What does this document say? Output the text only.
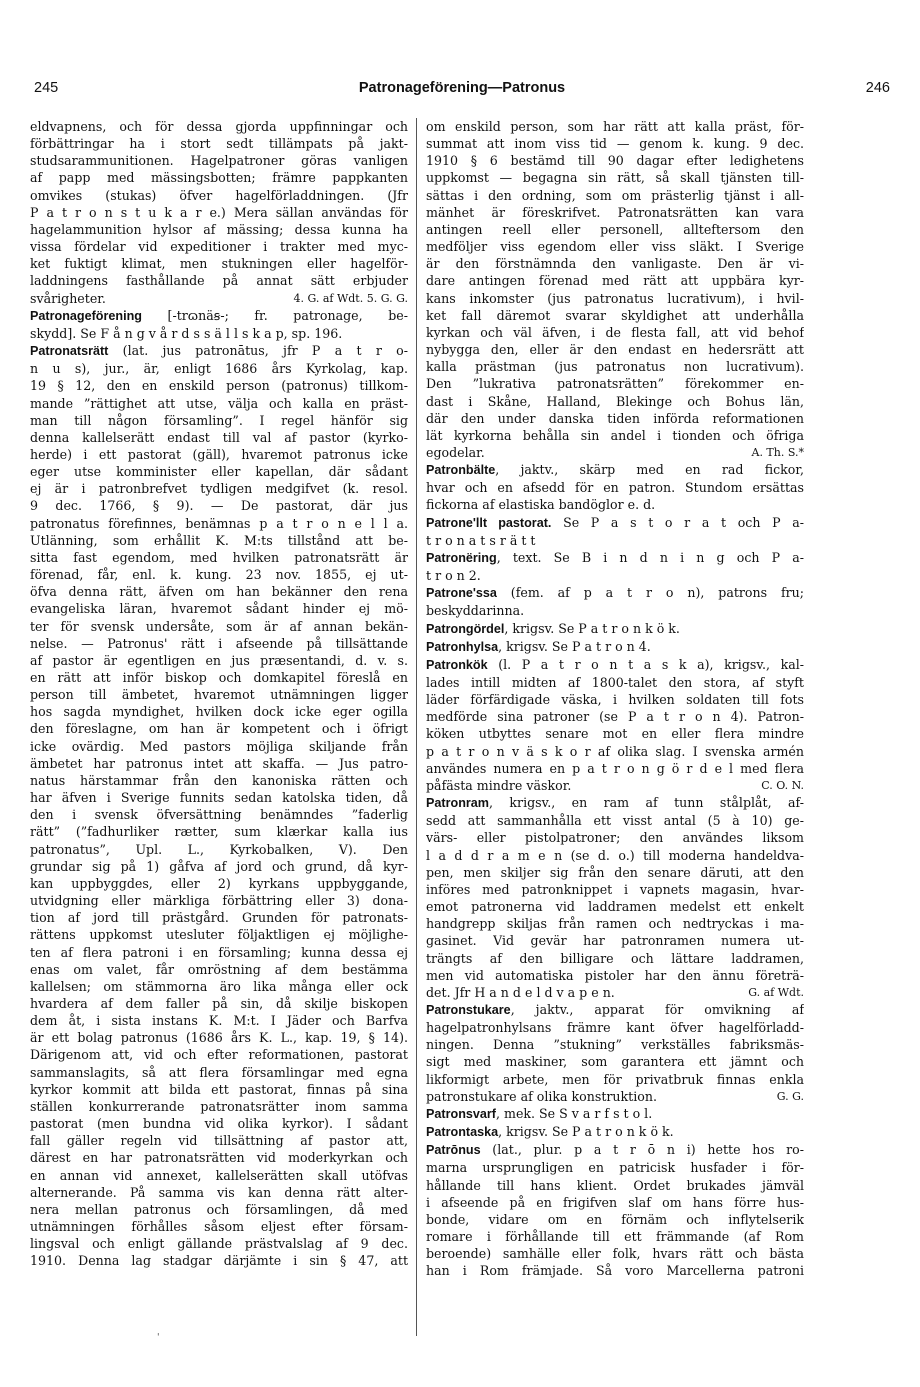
245	Patronageförening—Patronus	246
eldvapnens, och för dessa gjorda uppfinningar och
förbättringar ha i stort sedt tillämpats på jakt-
studsarammunitionen. Hagelpatroner göras vanligen
af papp med mässingsbotten; främre pappkanten
omvikes (stukas) öfver hagelförladdningen. (Jfr
P a t r o n s t u k a r e.) Mera sällan användas för
hagelammunition hylsor af mässing; dessa kunna ha
vissa fördelar vid expeditioner i trakter med myc-
ket fuktigt klimat, men stukningen eller hagelför-
laddningens fasthållande på annat sätt erbjuder
4. G. af Wdt. 5. G. G.
svårigheter.
Patronageförening [-trɷnäꞩ-; fr. patronage, be-
skydd]. Se F å n g v å r d s s ä l l s k a p, sp. 196.
Patronatsrätt (lat. jus patronātus, jfr P a t r o-
n u s), jur., är, enligt 1686 års Kyrkolag, kap.
19 § 12, den en enskild person (patronus) tillkom-
mande ”rättighet att utse, välja och kalla en präst-
man till någon församling”. I regel hänför sig
denna kallelserätt endast till val af pastor (kyrko-
herde) i ett pastorat (gäll), hvaremot patronus icke
eger utse komminister eller kapellan, där sådant
ej är i patronbrefvet tydligen medgifvet (k. resol.
9 dec. 1766, § 9). — De pastorat, där jus
patronatus förefinnes, benämnas p a t r o n e l l a.
Utlänning, som erhållit K. M:ts tillstånd att be-
sitta fast egendom, med hvilken patronatsrätt är
förenad, får, enl. k. kung. 23 nov. 1855, ej ut-
öfva denna rätt, äfven om han bekänner den rena
evangeliska läran, hvaremot sådant hinder ej mö-
ter för svensk undersåte, som är af annan bekän-
nelse. — Patronus' rätt i afseende på tillsättande
af pastor är egentligen en jus præsentandi, d. v. s.
en rätt att inför biskop och domkapitel föreslå en
person till ämbetet, hvaremot utnämningen ligger
hos sagda myndighet, hvilken dock icke eger ogilla
den föreslagne, om han är kompetent och i öfrigt
icke ovärdig. Med pastors möjliga skiljande från
ämbetet har patronus intet att skaffa. — Jus patro-
natus härstammar från den kanoniska rätten och
har äfven i Sverige funnits sedan katolska tiden, då
den i svensk öfversättning benämndes ”faderlig
rätt” (”fadhurliker rætter, sum klærkar kalla ius
patronatus”, Upl. L., Kyrkobalken, V). Den
grundar sig på 1) gåfva af jord och grund, då kyr-
kan uppbyggdes, eller 2) kyrkans uppbyggande,
utvidgning eller märkliga förbättring eller 3) dona-
tion af jord till prästgård. Grunden för patronats-
rättens uppkomst utesluter följaktligen ej möjlighe-
ten af flera patroni i en församling; kunna dessa ej
enas om valet, får omröstning af dem bestämma
kallelsen; om stämmorna äro lika många eller ock
hvardera af dem faller på sin, då skilje biskopen
dem åt, i sista instans K. M:t. I Jäder och Barfva
är ett bolag patronus (1686 års K. L., kap. 19, § 14).
Därigenom att, vid och efter reformationen, pastorat
sammanslagits, så att flera församlingar med egna
kyrkor kommit att bilda ett pastorat, finnas på sina
ställen konkurrerande patronatsrätter inom samma
pastorat (men bundna vid olika kyrkor). I sådant
fall gäller regeln vid tillsättning af pastor att,
därest en har patronatsrätten vid moderkyrkan och
en annan vid annexet, kallelserätten skall utöfvas
alternerande. På samma vis kan denna rätt alter-
nera mellan patronus och församlingen, då med
utnämningen förhålles såsom eljest efter försam-
lingsval och enligt gällande prästvalslag af 9 dec.
1910. Denna lag stadgar därjämte i sin § 47, att
om enskild person, som har rätt att kalla präst, för-
summat att inom viss tid — genom k. kung. 9 dec.
1910 § 6 bestämd till 90 dagar efter ledighetens
uppkomst — begagna sin rätt, så skall tjänsten till-
sättas i den ordning, som om prästerlig tjänst i all-
mänhet är föreskrifvet. Patronatsrätten kan vara
antingen reell eller personell, allteftersom den
medföljer viss egendom eller viss släkt. I Sverige
är den förstnämnda den vanligaste. Den är vi-
dare antingen förenad med rätt att uppbära kyr-
kans inkomster (jus patronatus lucrativum), i hvil-
ket fall däremot svarar skyldighet att underhålla
kyrkan och väl äfven, i de flesta fall, att vid behof
nybygga den, eller är den endast en hedersrätt att
kalla prästman (jus patronatus non lucrativum).
Den ”lukrativa patronatsrätten” förekommer en-
dast i Skåne, Halland, Blekinge och Bohus län,
där den under danska tiden införda reformationen
lät kyrkorna behålla sin andel i tionden och öfriga
A. Th. S.*
egodelar.
Patronbälte, jaktv., skärp med en rad fickor,
hvar och en afsedd för en patron. Stundom ersättas
fickorna af elastiska bandöglor e. d.
Patrone'llt pastorat. Se P a s t o r a t och P a-
t r o n a t s r ä t t
Patronëring, text. Se B i n d n i n g och P a-
t r o n 2.
Patrone'ssa (fem. af p a t r o n), patrons fru;
beskyddarinna.
Patrongördel, krigsv. Se P a t r o n k ö k.
Patronhylsa, krigsv. Se P a t r o n 4.
Patronkök (l. P a t r o n t a s k a), krigsv., kal-
lades intill midten af 1800-talet den stora, af styft
läder förfärdigade väska, i hvilken soldaten till fots
medförde sina patroner (se P a t r o n 4). Patron-
köken utbyttes senare mot en eller flera mindre
p a t r o n v ä s k o r af olika slag. I svenska armén
användes numera en p a t r o n g ö r d e l med flera
C. O. N.
påfästa mindre väskor.
Patronram, krigsv., en ram af tunn stålplåt, af-
sedd att sammanhålla ett visst antal (5 à 10) ge-
värs- eller pistolpatroner; den användes liksom
l a d d r a m e n (se d. o.) till moderna handeldva-
pen, men skiljer sig från den senare däruti, att den
införes med patronknippet i vapnets magasin, hvar-
emot patronerna vid laddramen medelst ett enkelt
handgrepp skiljas från ramen och nedtryckas i ma-
gasinet. Vid gevär har patronramen numera ut-
trängts af den billigare och lättare laddramen,
men vid automatiska pistoler har den ännu företrä-
G. af Wdt.
det. Jfr H a n d e l d v a p e n.
Patronstukare, jaktv., apparat för omvikning af
hagelpatronhylsans främre kant öfver hagelförladd-
ningen. Denna ”stukning” verkställes fabriksmäs-
sigt med maskiner, som garantera ett jämnt och
likformigt arbete, men för privatbruk finnas enkla
G. G.
patronstukare af olika konstruktion.
Patronsvarf, mek. Se S v a r f s t o l.
Patrontaska, krigsv. Se P a t r o n k ö k.
Patrōnus (lat., plur. p a t r ō n i) hette hos ro-
marna ursprungligen en patricisk husfader i för-
hållande till hans klient. Ordet brukades jämväl
i afseende på en frigifven slaf om hans förre hus-
bonde, vidare om en förnäm och inflytelserik
romare i förhållande till ett främmande (af Rom
beroende) samhälle eller folk, hvars rätt och bästa
han i Rom främjade. Så voro Marcellerna patroni
'
